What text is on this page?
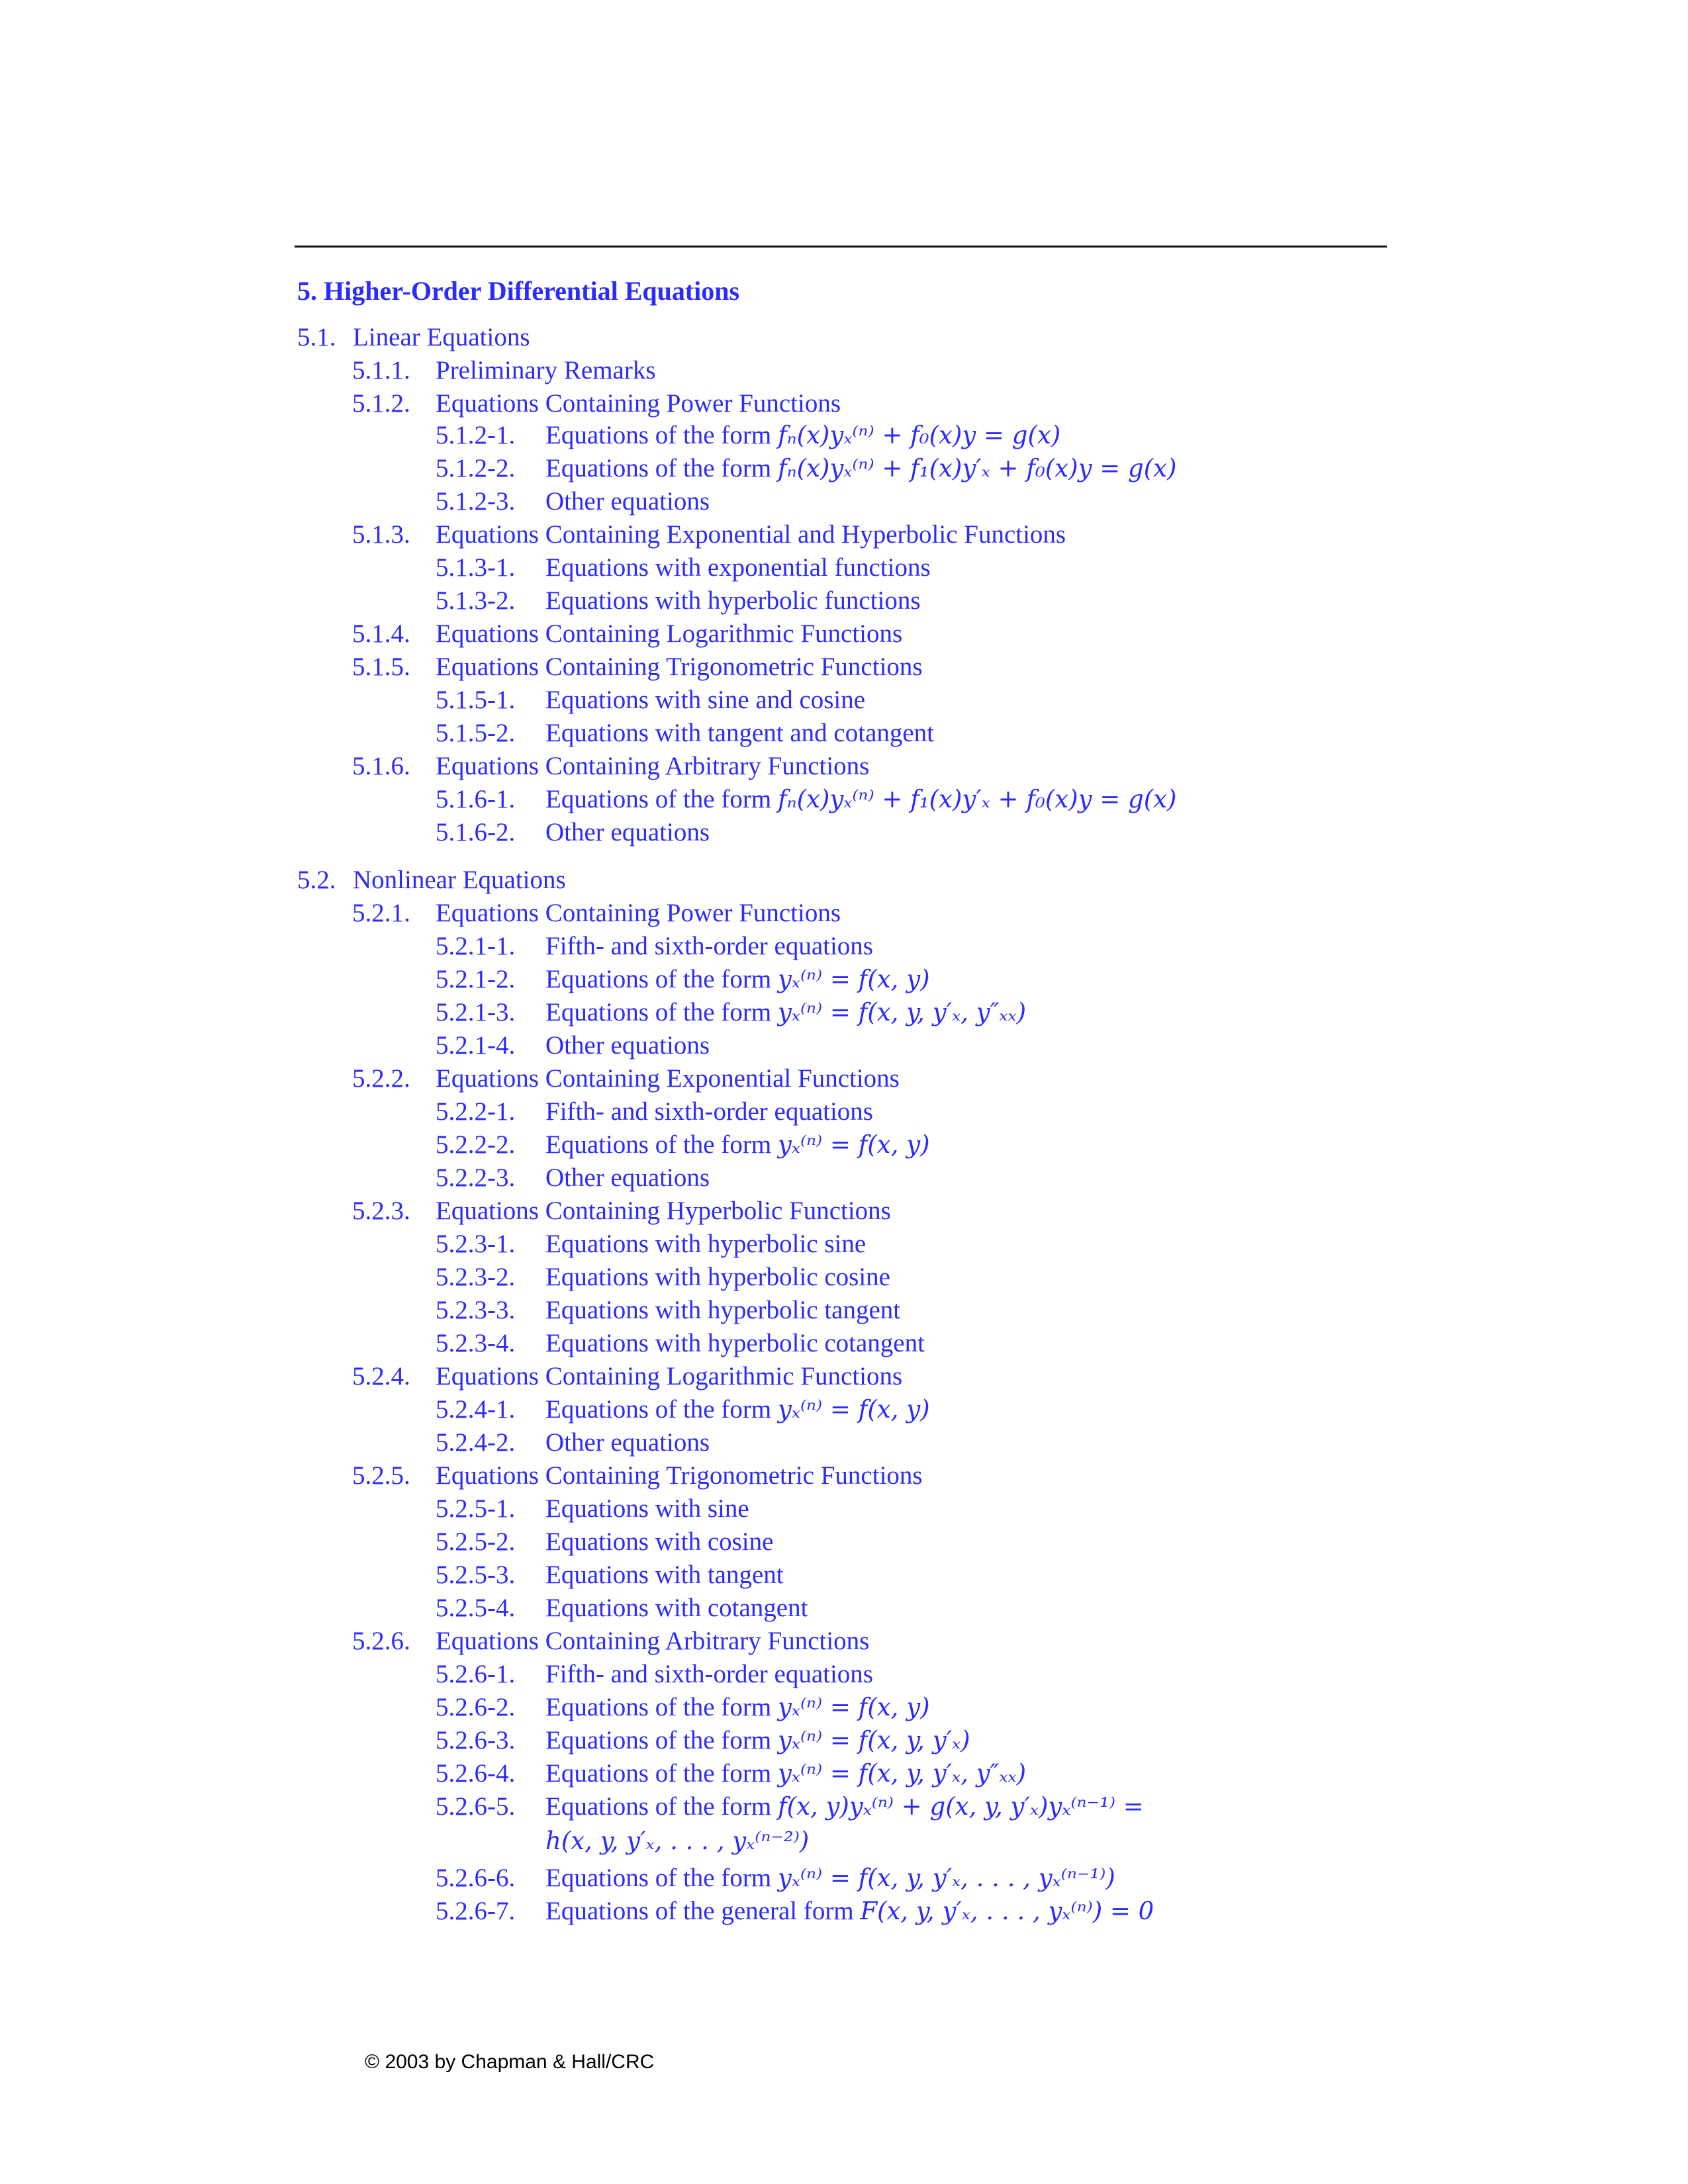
5. Higher-Order Differential Equations
5.1. Linear Equations
5.1.1. Preliminary Remarks
5.1.2. Equations Containing Power Functions
5.1.2-1. Equations of the form fₙ(x)yₓ⁽ⁿ⁾ + f₀(x)y = g(x)
5.1.2-2. Equations of the form fₙ(x)yₓ⁽ⁿ⁾ + f₁(x)y′ₓ + f₀(x)y = g(x)
5.1.2-3. Other equations
5.1.3. Equations Containing Exponential and Hyperbolic Functions
5.1.3-1. Equations with exponential functions
5.1.3-2. Equations with hyperbolic functions
5.1.4. Equations Containing Logarithmic Functions
5.1.5. Equations Containing Trigonometric Functions
5.1.5-1. Equations with sine and cosine
5.1.5-2. Equations with tangent and cotangent
5.1.6. Equations Containing Arbitrary Functions
5.1.6-1. Equations of the form fₙ(x)yₓ⁽ⁿ⁾ + f₁(x)y′ₓ + f₀(x)y = g(x)
5.1.6-2. Other equations
5.2. Nonlinear Equations
5.2.1. Equations Containing Power Functions
5.2.1-1. Fifth- and sixth-order equations
5.2.1-2. Equations of the form yₓ⁽ⁿ⁾ = f(x, y)
5.2.1-3. Equations of the form yₓ⁽ⁿ⁾ = f(x, y, y′ₓ, y″ₓₓ)
5.2.1-4. Other equations
5.2.2. Equations Containing Exponential Functions
5.2.2-1. Fifth- and sixth-order equations
5.2.2-2. Equations of the form yₓ⁽ⁿ⁾ = f(x, y)
5.2.2-3. Other equations
5.2.3. Equations Containing Hyperbolic Functions
5.2.3-1. Equations with hyperbolic sine
5.2.3-2. Equations with hyperbolic cosine
5.2.3-3. Equations with hyperbolic tangent
5.2.3-4. Equations with hyperbolic cotangent
5.2.4. Equations Containing Logarithmic Functions
5.2.4-1. Equations of the form yₓ⁽ⁿ⁾ = f(x, y)
5.2.4-2. Other equations
5.2.5. Equations Containing Trigonometric Functions
5.2.5-1. Equations with sine
5.2.5-2. Equations with cosine
5.2.5-3. Equations with tangent
5.2.5-4. Equations with cotangent
5.2.6. Equations Containing Arbitrary Functions
5.2.6-1. Fifth- and sixth-order equations
5.2.6-2. Equations of the form yₓ⁽ⁿ⁾ = f(x, y)
5.2.6-3. Equations of the form yₓ⁽ⁿ⁾ = f(x, y, y′ₓ)
5.2.6-4. Equations of the form yₓ⁽ⁿ⁾ = f(x, y, y′ₓ, y″ₓₓ)
5.2.6-5. Equations of the form f(x, y)yₓ⁽ⁿ⁾ + g(x, y, y′ₓ)yₓ⁽ⁿ⁻¹⁾ =
h(x, y, y′ₓ, . . . , yₓ⁽ⁿ⁻²⁾)
5.2.6-6. Equations of the form yₓ⁽ⁿ⁾ = f(x, y, y′ₓ, . . . , yₓ⁽ⁿ⁻¹⁾)
5.2.6-7. Equations of the general form F(x, y, y′ₓ, . . . , yₓ⁽ⁿ⁾) = 0
© 2003 by Chapman & Hall/CRC
